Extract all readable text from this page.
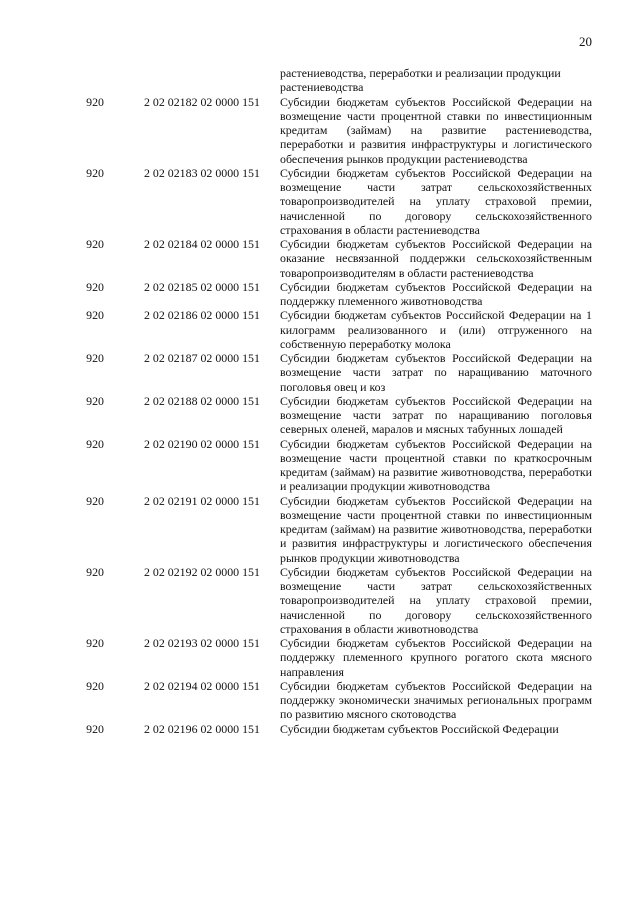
20
растениеводства, переработки и реализации продукции растениеводства
920	2 02 02182 02 0000 151	Субсидии бюджетам субъектов Российской Федерации на возмещение части процентной ставки по инвестиционным кредитам (займам) на развитие растениеводства, переработки и развития инфраструктуры и логистического обеспечения рынков продукции растениеводства
920	2 02 02183 02 0000 151	Субсидии бюджетам субъектов Российской Федерации на возмещение части затрат сельскохозяйственных товаропроизводителей на уплату страховой премии, начисленной по договору сельскохозяйственного страхования в области растениеводства
920	2 02 02184 02 0000 151	Субсидии бюджетам субъектов Российской Федерации на оказание несвязанной поддержки сельскохозяйственным товаропроизводителям в области растениеводства
920	2 02 02185 02 0000 151	Субсидии бюджетам субъектов Российской Федерации на поддержку племенного животноводства
920	2 02 02186 02 0000 151	Субсидии бюджетам субъектов Российской Федерации на 1 килограмм реализованного и (или) отгруженного на собственную переработку молока
920	2 02 02187 02 0000 151	Субсидии бюджетам субъектов Российской Федерации на возмещение части затрат по наращиванию маточного поголовья овец и коз
920	2 02 02188 02 0000 151	Субсидии бюджетам субъектов Российской Федерации на возмещение части затрат по наращиванию поголовья северных оленей, маралов и мясных табунных лошадей
920	2 02 02190 02 0000 151	Субсидии бюджетам субъектов Российской Федерации на возмещение части процентной ставки по краткосрочным кредитам (займам) на развитие животноводства, переработки и реализации продукции животноводства
920	2 02 02191 02 0000 151	Субсидии бюджетам субъектов Российской Федерации на возмещение части процентной ставки по инвестиционным кредитам (займам) на развитие животноводства, переработки и развития инфраструктуры и логистического обеспечения рынков продукции животноводства
920	2 02 02192 02 0000 151	Субсидии бюджетам субъектов Российской Федерации на возмещение части затрат сельскохозяйственных товаропроизводителей на уплату страховой премии, начисленной по договору сельскохозяйственного страхования в области животноводства
920	2 02 02193 02 0000 151	Субсидии бюджетам субъектов Российской Федерации на поддержку племенного крупного рогатого скота мясного направления
920	2 02 02194 02 0000 151	Субсидии бюджетам субъектов Российской Федерации на поддержку экономически значимых региональных программ по развитию мясного скотоводства
920	2 02 02196 02 0000 151	Субсидии бюджетам субъектов Российской Федерации
